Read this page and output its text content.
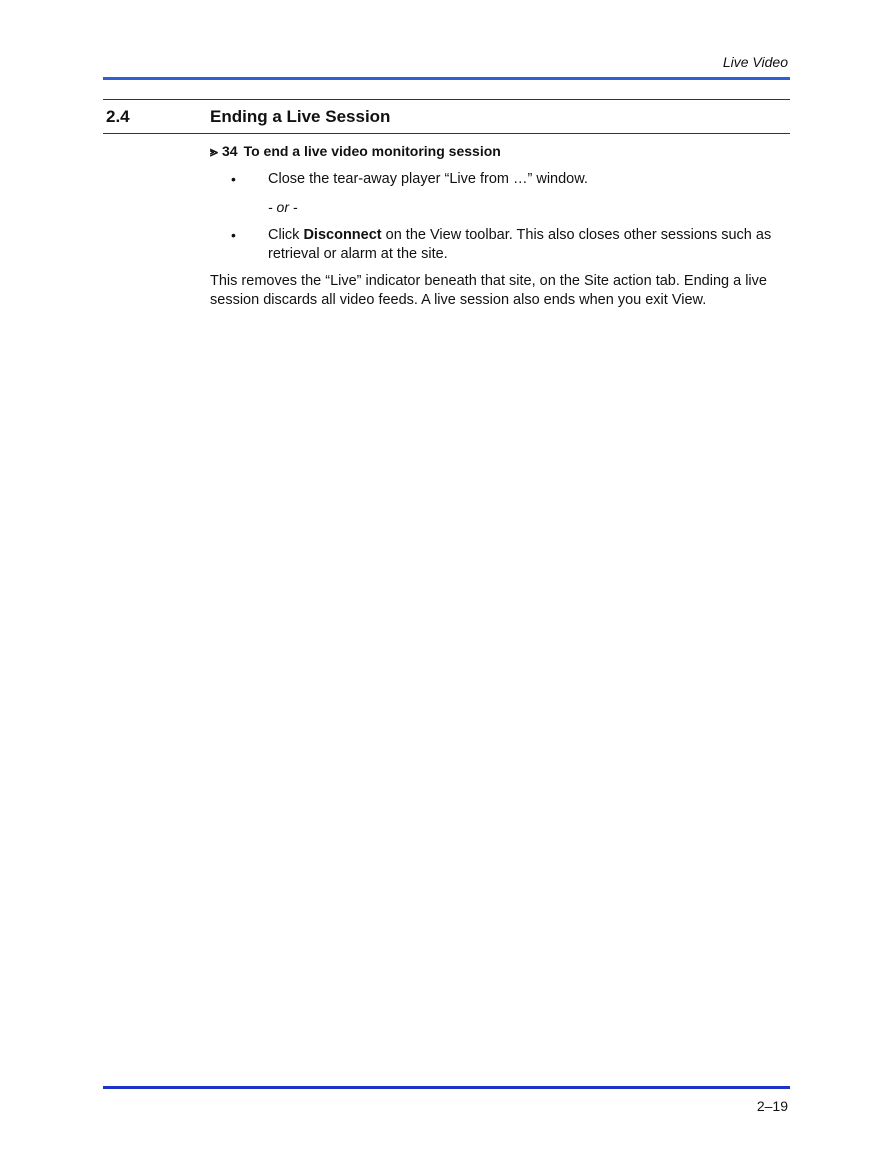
Live Video
2.4	Ending a Live Session
⪢ 34 To end a live video monitoring session
• Close the tear-away player “Live from …” window.
- or -
• Click Disconnect on the View toolbar. This also closes other sessions such as retrieval or alarm at the site.
This removes the “Live” indicator beneath that site, on the Site action tab. Ending a live session discards all video feeds. A live session also ends when you exit View.
2–19
